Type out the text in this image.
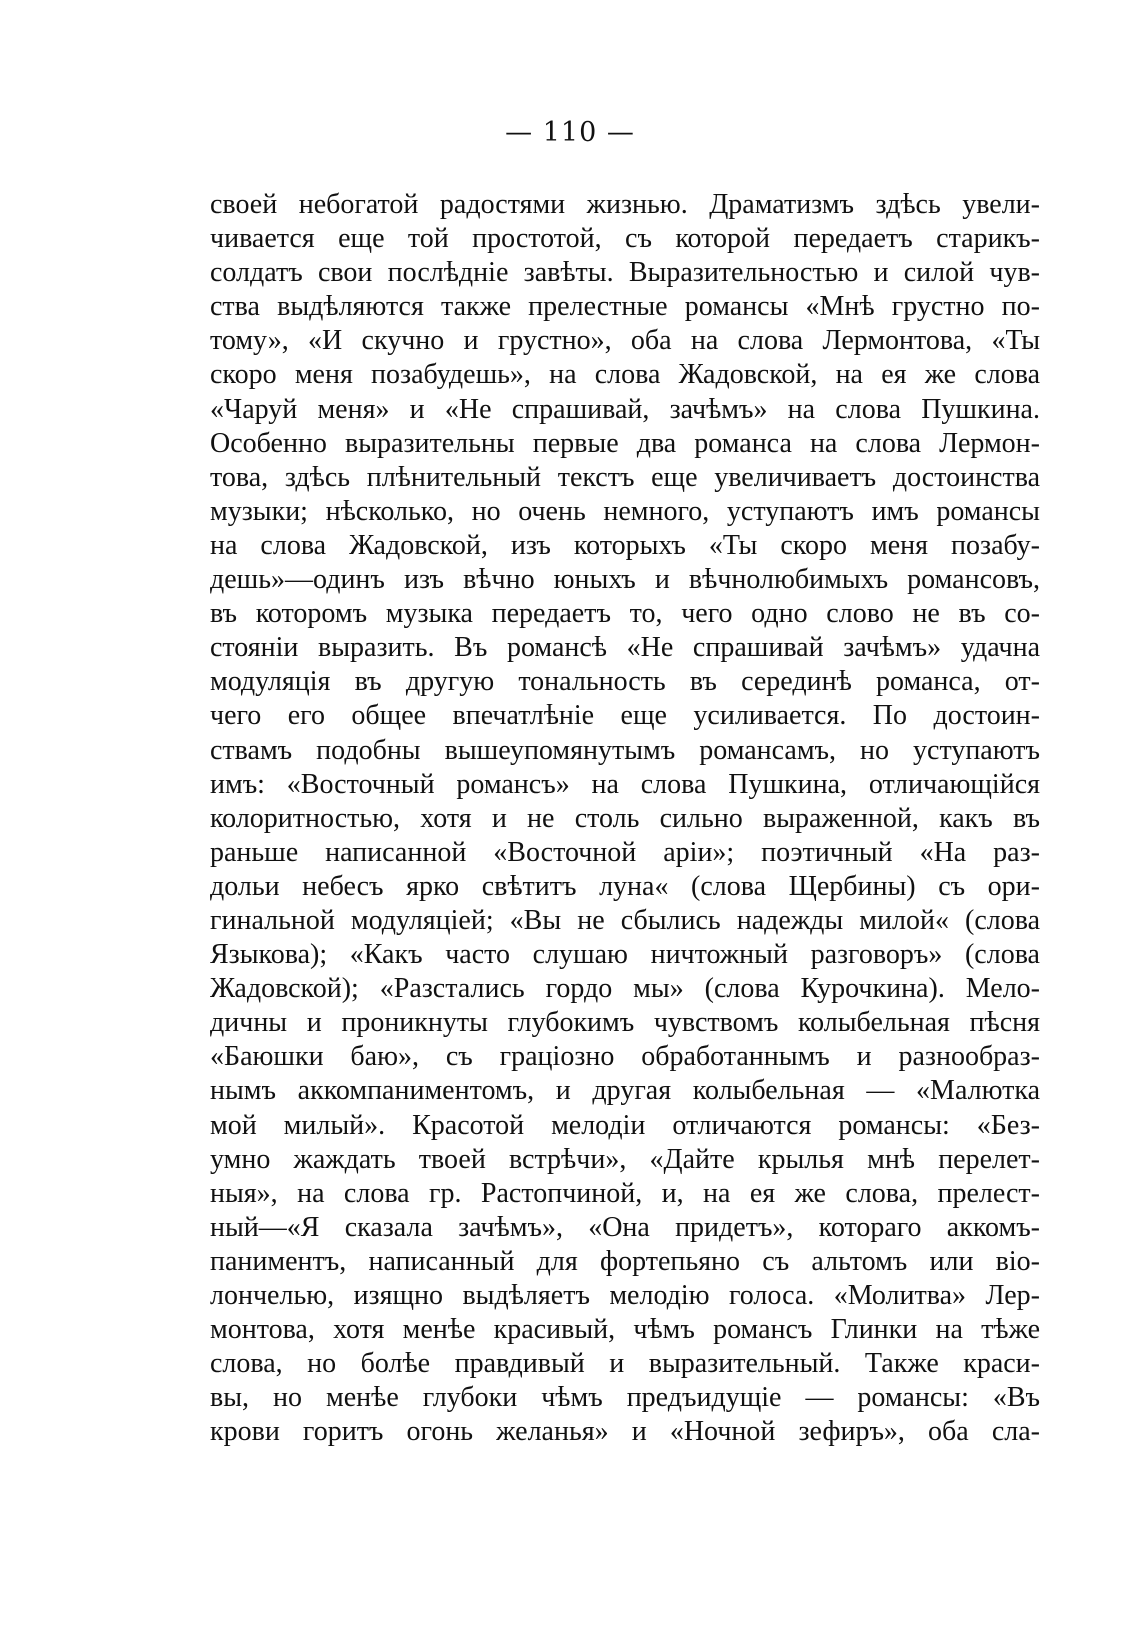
— 110 —
своей небогатой радостями жизнью. Драматизмъ здѣсь увели-
чивается еще той простотой, съ которой передаетъ старикъ-
солдатъ свои послѣднie завѣты. Выразительностью и силой чув-
ства выдѣляются также прелестные романсы «Мнѣ грустно по-
тому», «И скучно и грустно», оба на слова Лермонтова, «Ты
скоро меня позабудешь», на слова Жадовской, на ея же слова
«Чаруй меня» и «Не спрашивай, зачѣмъ» на слова Пушкина.
Особенно выразительны первые два романса на слова Лермон-
това, здѣсь плѣнительный текстъ еще увеличиваетъ достоинства
музыки; нѣсколько, но очень немного, уступаютъ имъ романсы
на слова Жадовской, изъ которыхъ «Ты скоро меня позабу-
дешь»—одинъ изъ вѣчно юныхъ и вѣчнолюбимыхъ романсовъ,
въ которомъ музыка передаетъ то, чего одно слово не въ со-
стояніи выразить. Въ романсѣ «Не спрашивай зачѣмъ» удачна
модуляція въ другую тональность въ серединѣ романса, от-
чего его общее впечатлѣніе еще усиливается. По достоин-
ствамъ подобны вышеупомянутымъ романсамъ, но уступаютъ
имъ: «Восточный романсъ» на слова Пушкина, отличающійся
колоритностью, хотя и не столь сильно выраженной, какъ въ
раньше написанной «Восточной аріи»; поэтичный «На раз-
дольи небесъ ярко свѣтитъ луна« (слова Щербины) съ ори-
гинальной модуляціей; «Вы не сбылись надежды милой« (слова
Языкова); «Какъ часто слушаю ничтожный разговоръ» (слова
Жадовской); «Разстались гордо мы» (слова Курочкина). Мело-
дичны и проникнуты глубокимъ чувствомъ колыбельная пѣсня
«Баюшки баю», съ граціозно обработаннымъ и разнообраз-
нымъ аккомпаниментомъ, и другая колыбельная — «Малютка
мой милый». Красотой мелодіи отличаются романсы: «Без-
умно жаждать твоей встрѣчи», «Дайте крылья мнѣ перелет-
ныя», на слова гр. Растопчиной, и, на ея же слова, прелест-
ный—«Я сказала зачѣмъ», «Она придетъ», котораго аккомъ-
паниментъ, написанный для фортепьяно съ альтомъ или віо-
лончелью, изящно выдѣляетъ мелодію голоса. «Молитва» Лер-
монтова, хотя менѣе красивый, чѣмъ романсъ Глинки на тѣже
слова, но болѣе правдивый и выразительный. Также краси-
вы, но менѣе глубоки чѣмъ предъидущіе — романсы: «Въ
крови горитъ огонь желанья» и «Ночной зефиръ», оба сла-
